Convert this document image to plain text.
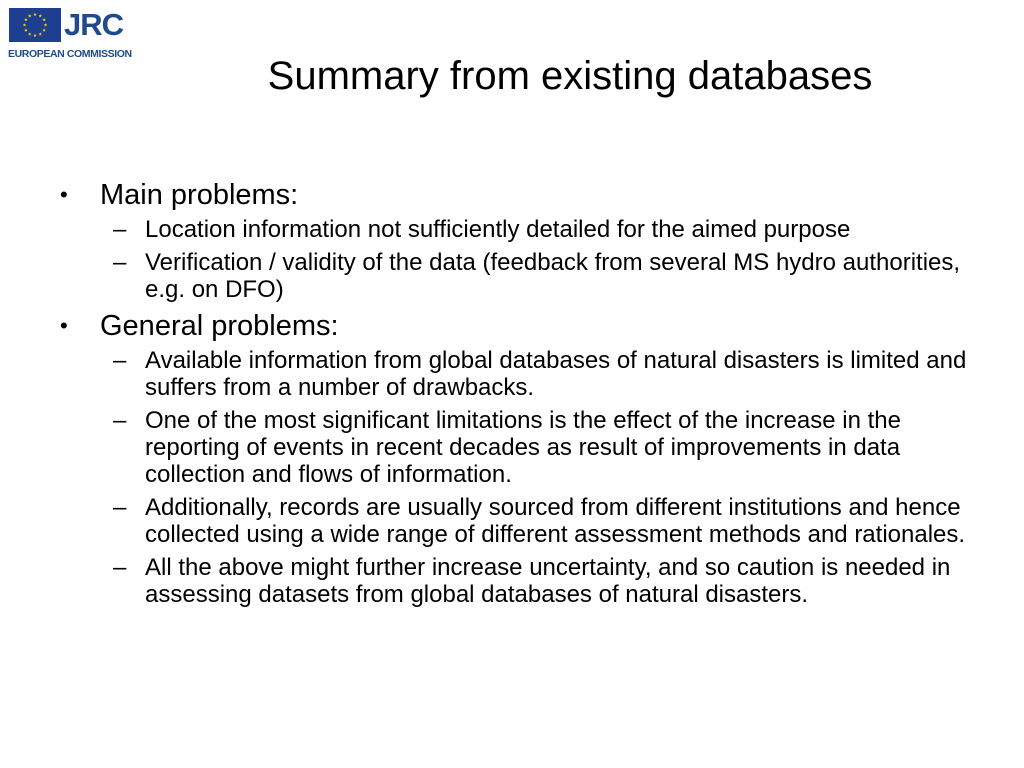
JRC
EUROPEAN COMMISSION	Summary from existing databases
• Main problems:
– Location information not sufficiently detailed for the aimed purpose
– Verification / validity of the data (feedback from several MS hydro authorities, e.g. on DFO)
• General problems:
– Available information from global databases of natural disasters is limited and suffers from a number of drawbacks.
– One of the most significant limitations is the effect of the increase in the reporting of events in recent decades as result of improvements in data collection and flows of information.
– Additionally, records are usually sourced from different institutions and hence collected using a wide range of different assessment methods and rationales.
– All the above might further increase uncertainty, and so caution is needed in assessing datasets from global databases of natural disasters.
